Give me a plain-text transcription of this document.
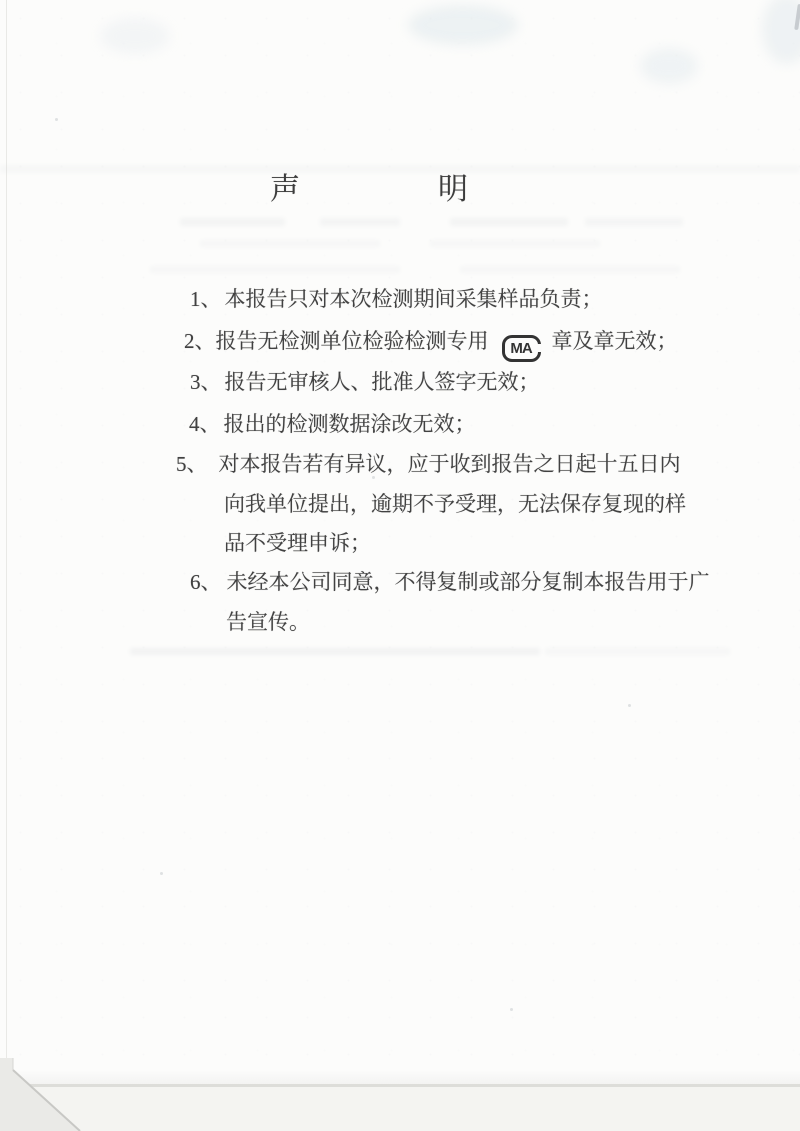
声	明
1、 本报告只对本次检测期间采集样品负责；
2、报告无检测单位检验检测专用	MA 章及章无效；
3、 报告无审核人、批准人签字无效；
4、 报出的检测数据涂改无效；
5、 对本报告若有异议，应于收到报告之日起十五日内
向我单位提出，逾期不予受理，无法保存复现的样
品不受理申诉；
6、 未经本公司同意，不得复制或部分复制本报告用于广
告宣传。
